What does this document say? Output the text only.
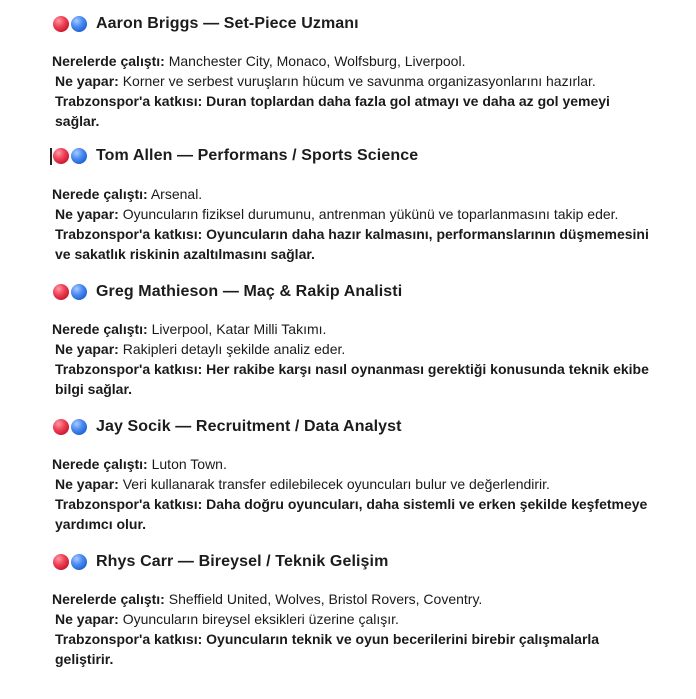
Aaron Briggs — Set-Piece Uzmanı
Nerelerde çalıştı: Manchester City, Monaco, Wolfsburg, Liverpool.
Ne yapar: Korner ve serbest vuruşların hücum ve savunma organizasyonlarını hazırlar.
Trabzonspor'a katkısı: Duran toplardan daha fazla gol atmayı ve daha az gol yemeyi sağlar.
Tom Allen — Performans / Sports Science
Nerede çalıştı: Arsenal.
Ne yapar: Oyuncuların fiziksel durumunu, antrenman yükünü ve toparlanmasını takip eder.
Trabzonspor'a katkısı: Oyuncuların daha hazır kalmasını, performanslarının düşmemesini ve sakatlık riskinin azaltılmasını sağlar.
Greg Mathieson — Maç & Rakip Analisti
Nerede çalıştı: Liverpool, Katar Milli Takımı.
Ne yapar: Rakipleri detaylı şekilde analiz eder.
Trabzonspor'a katkısı: Her rakibe karşı nasıl oynanması gerektiği konusunda teknik ekibe bilgi sağlar.
Jay Socik — Recruitment / Data Analyst
Nerede çalıştı: Luton Town.
Ne yapar: Veri kullanarak transfer edilebilecek oyuncuları bulur ve değerlendirir.
Trabzonspor'a katkısı: Daha doğru oyuncuları, daha sistemli ve erken şekilde keşfetmeye yardımcı olur.
Rhys Carr — Bireysel / Teknik Gelişim
Nerelerde çalıştı: Sheffield United, Wolves, Bristol Rovers, Coventry.
Ne yapar: Oyuncuların bireysel eksikleri üzerine çalışır.
Trabzonspor'a katkısı: Oyuncuların teknik ve oyun becerilerini birebir çalışmalarla geliştirir.
